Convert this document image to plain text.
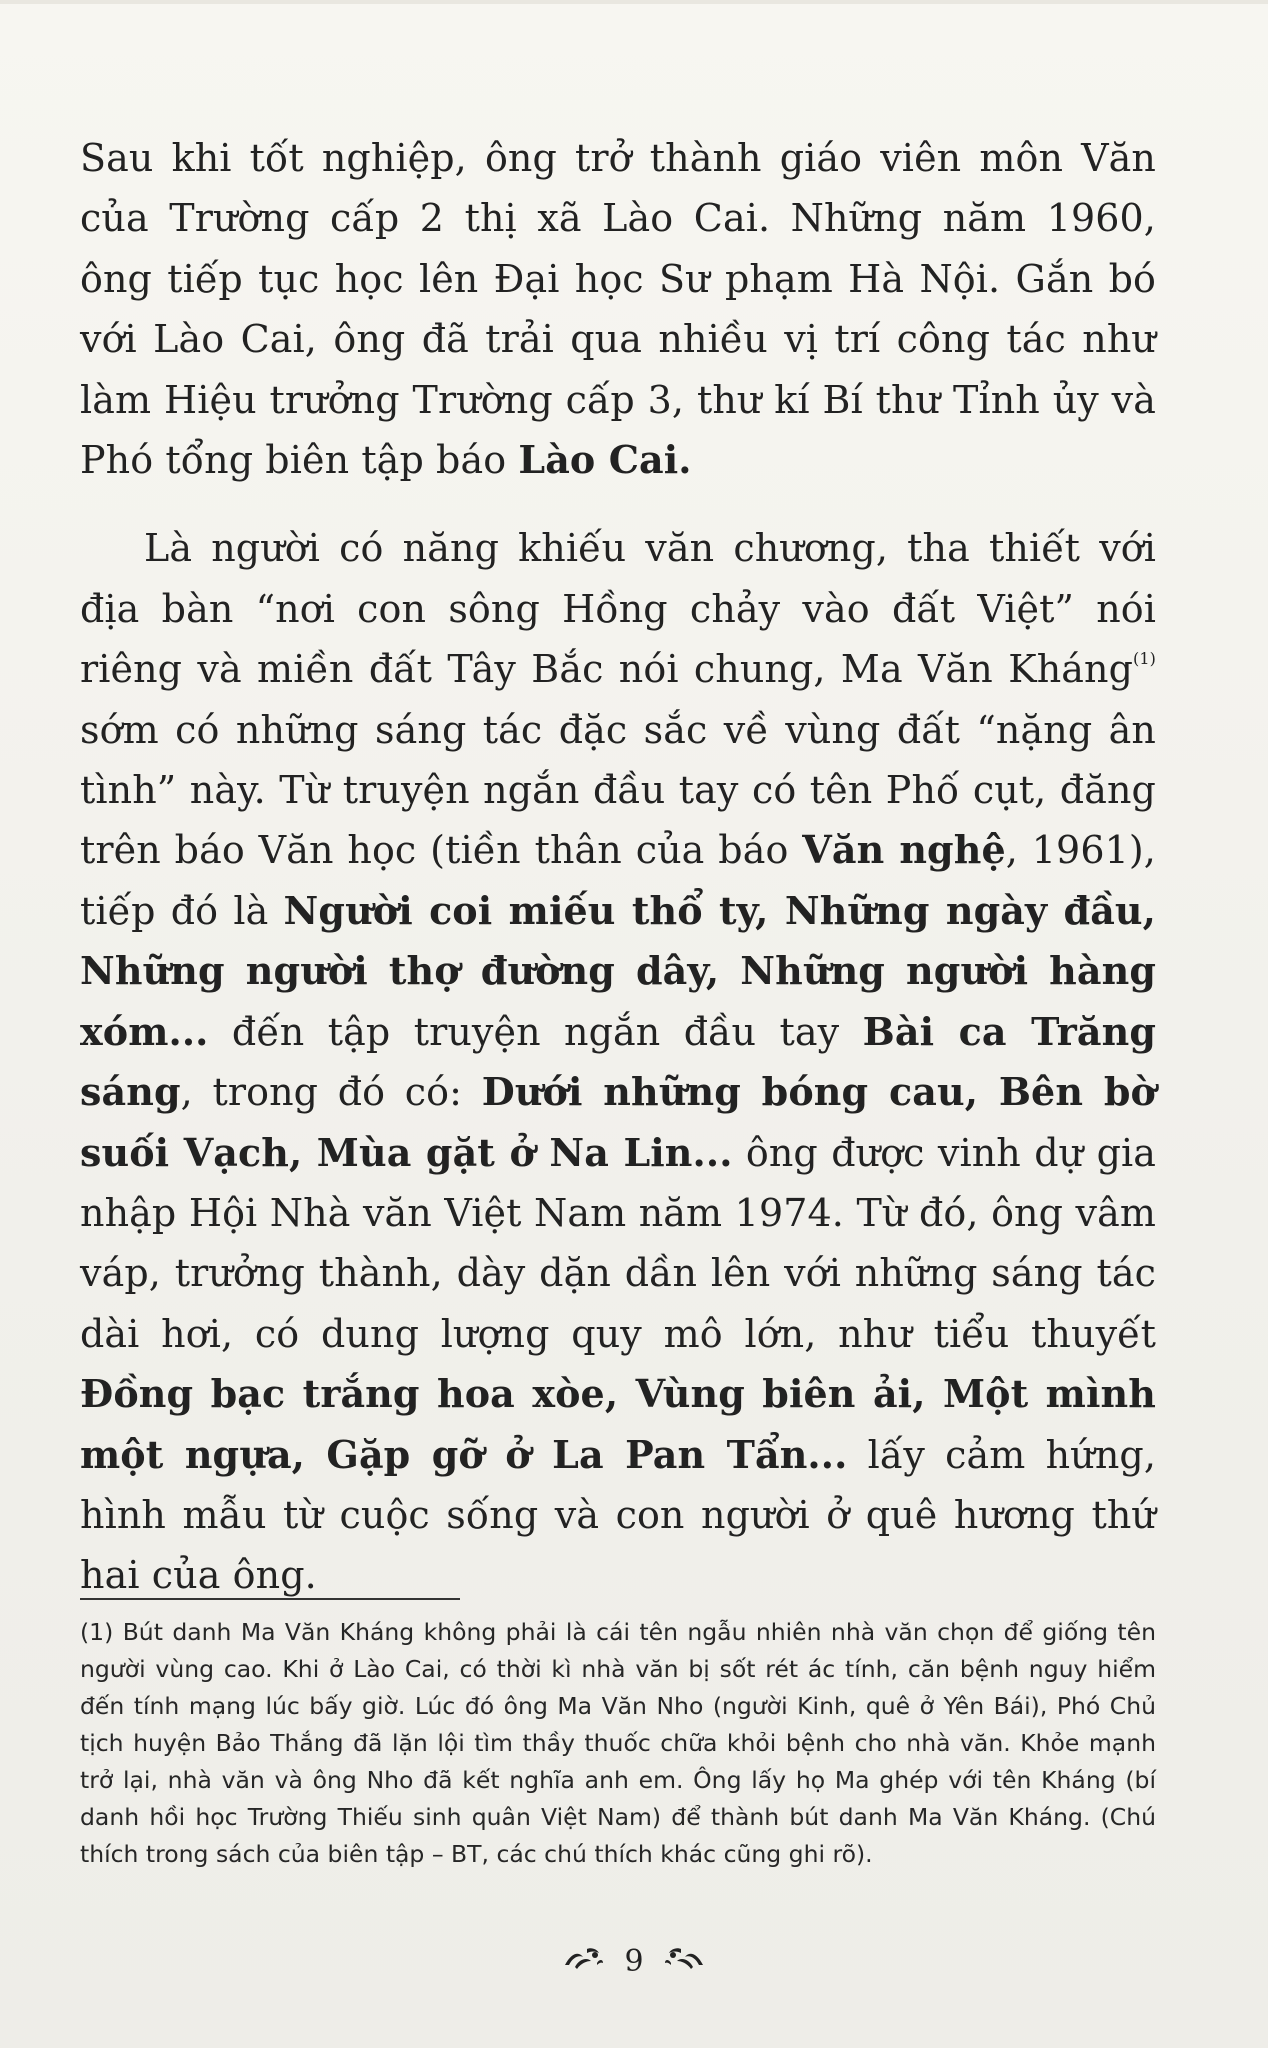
Sau khi tốt nghiệp, ông trở thành giáo viên môn Văn của Trường cấp 2 thị xã Lào Cai. Những năm 1960, ông tiếp tục học lên Đại học Sư phạm Hà Nội. Gắn bó với Lào Cai, ông đã trải qua nhiều vị trí công tác như làm Hiệu trưởng Trường cấp 3, thư kí Bí thư Tỉnh ủy và Phó tổng biên tập báo Lào Cai.

Là người có năng khiếu văn chương, tha thiết với địa bàn “nơi con sông Hồng chảy vào đất Việt” nói riêng và miền đất Tây Bắc nói chung, Ma Văn Kháng$^{(1)}$ sớm có những sáng tác đặc sắc về vùng đất “nặng ân tình” này. Từ truyện ngắn đầu tay có tên Phố cụt, đăng trên báo Văn học (tiền thân của báo Văn nghệ, 1961), tiếp đó là Người coi miếu thổ ty, Những ngày đầu, Những người thợ đường dây, Những người hàng xóm... đến tập truyện ngắn đầu tay Bài ca Trăng sáng, trong đó có: Dưới những bóng cau, Bên bờ suối Vạch, Mùa gặt ở Na Lin... ông được vinh dự gia nhập Hội Nhà văn Việt Nam năm 1974. Từ đó, ông vâm váp, trưởng thành, dày dặn dần lên với những sáng tác dài hơi, có dung lượng quy mô lớn, như tiểu thuyết Đồng bạc trắng hoa xòe, Vùng biên ải, Một mình một ngựa, Gặp gỡ ở La Pan Tẩn... lấy cảm hứng, hình mẫu từ cuộc sống và con người ở quê hương thứ hai của ông.

(1) Bút danh Ma Văn Kháng không phải là cái tên ngẫu nhiên nhà văn chọn để giống tên người vùng cao. Khi ở Lào Cai, có thời kì nhà văn bị sốt rét ác tính, căn bệnh nguy hiểm đến tính mạng lúc bấy giờ. Lúc đó ông Ma Văn Nho (người Kinh, quê ở Yên Bái), Phó Chủ tịch huyện Bảo Thắng đã lặn lội tìm thầy thuốc chữa khỏi bệnh cho nhà văn. Khỏe mạnh trở lại, nhà văn và ông Nho đã kết nghĩa anh em. Ông lấy họ Ma ghép với tên Kháng (bí danh hồi học Trường Thiếu sinh quân Việt Nam) để thành bút danh Ma Văn Kháng. (Chú thích trong sách của biên tập – BT, các chú thích khác cũng ghi rõ).
9
